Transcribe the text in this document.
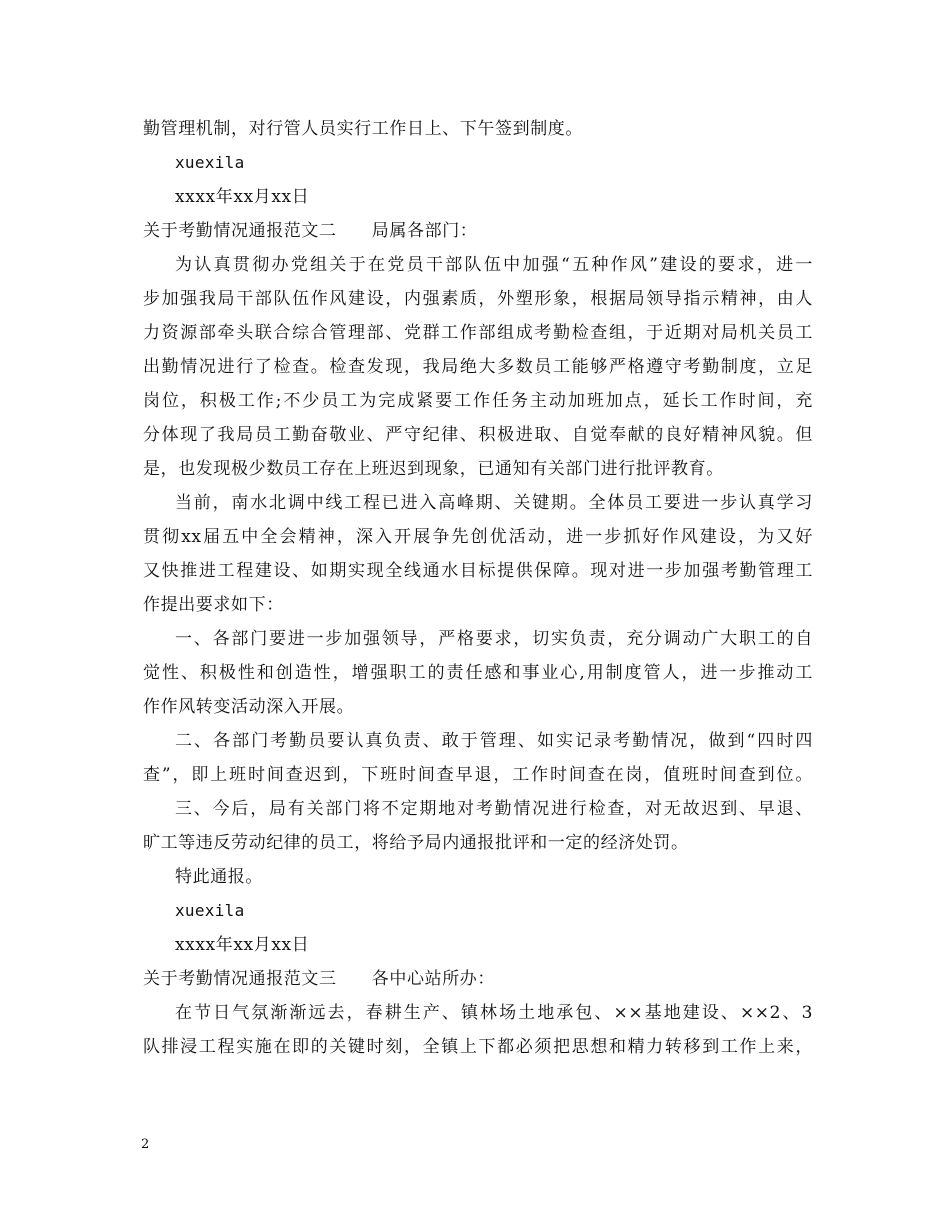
勤管理机制，对行管人员实行工作日上、下午签到制度。
xuexila
xxxx年xx月xx日
关于考勤情况通报范文二　　局属各部门：
为认真贯彻办党组关于在党员干部队伍中加强“五种作风”建设的要求，进一
步加强我局干部队伍作风建设，内强素质，外塑形象，根据局领导指示精神，由人
力资源部牵头联合综合管理部、党群工作部组成考勤检查组，于近期对局机关员工
出勤情况进行了检查。检查发现，我局绝大多数员工能够严格遵守考勤制度，立足
岗位，积极工作;不少员工为完成紧要工作任务主动加班加点，延长工作时间，充
分体现了我局员工勤奋敬业、严守纪律、积极进取、自觉奉献的良好精神风貌。但
是，也发现极少数员工存在上班迟到现象，已通知有关部门进行批评教育。
当前，南水北调中线工程已进入高峰期、关键期。全体员工要进一步认真学习
贯彻xx届五中全会精神，深入开展争先创优活动，进一步抓好作风建设，为又好
又快推进工程建设、如期实现全线通水目标提供保障。现对进一步加强考勤管理工
作提出要求如下：
一、各部门要进一步加强领导，严格要求，切实负责，充分调动广大职工的自
觉性、积极性和创造性，增强职工的责任感和事业心,用制度管人，进一步推动工
作作风转变活动深入开展。
二、各部门考勤员要认真负责、敢于管理、如实记录考勤情况，做到“四时四
查”，即上班时间查迟到，下班时间查早退，工作时间查在岗，值班时间查到位。
三、今后，局有关部门将不定期地对考勤情况进行检查，对无故迟到、早退、
旷工等违反劳动纪律的员工，将给予局内通报批评和一定的经济处罚。
特此通报。
xuexila
xxxx年xx月xx日
关于考勤情况通报范文三　　各中心站所办：
在节日气氛渐渐远去，春耕生产、镇林场土地承包、××基地建设、××2、3
队排浸工程实施在即的关键时刻，全镇上下都必须把思想和精力转移到工作上来，
2
